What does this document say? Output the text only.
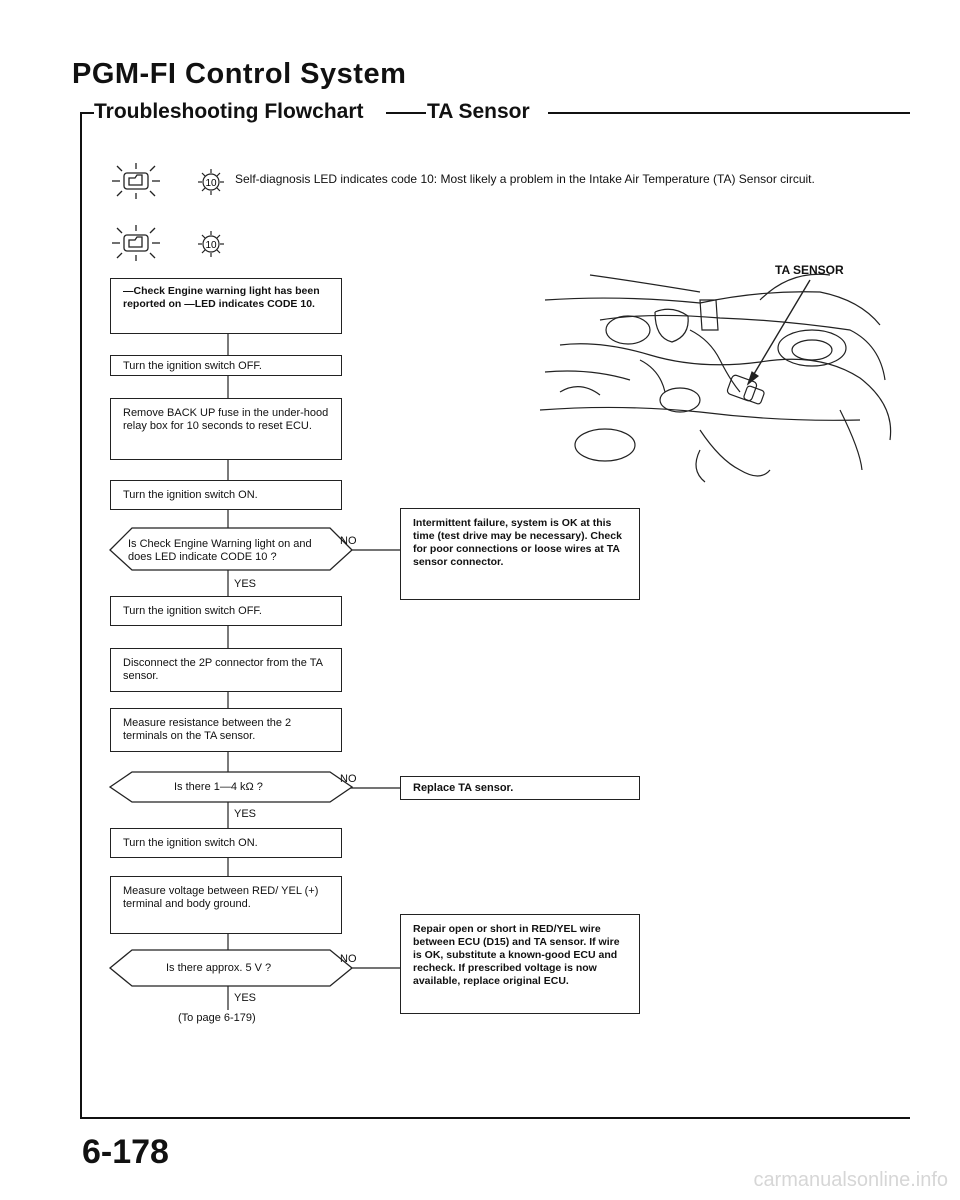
PGM-FI Control System
Troubleshooting Flowchart	TA Sensor
10
10
Self-diagnosis LED indicates code 10: Most likely a problem in the Intake Air Temperature (TA) Sensor circuit.
TA SENSOR
—Check Engine warning light has been reported on —LED indicates CODE 10.
Turn the ignition switch OFF.
Remove BACK UP fuse in the under-hood relay box for 10 seconds to reset ECU.
Turn the ignition switch ON.
Is Check Engine Warning light on and does LED indicate CODE 10 ?
NO
YES
Turn the ignition switch OFF.
Disconnect the 2P connector from the TA sensor.
Measure resistance between the 2 terminals on the TA sensor.
Is there 1—4 kΩ ?
NO
YES
Turn the ignition switch ON.
Measure voltage between RED/ YEL (+) terminal and body ground.
Is there approx. 5 V ?
NO
YES
(To page 6-179)
Intermittent failure, system is OK at this time (test drive may be necessary). Check for poor connections or loose wires at TA sensor connector.
Replace TA sensor.
Repair open or short in RED/YEL wire between ECU (D15) and TA sensor. If wire is OK, substitute a known-good ECU and recheck. If prescribed voltage is now available, replace original ECU.
6-178
carmanualsonline.info
